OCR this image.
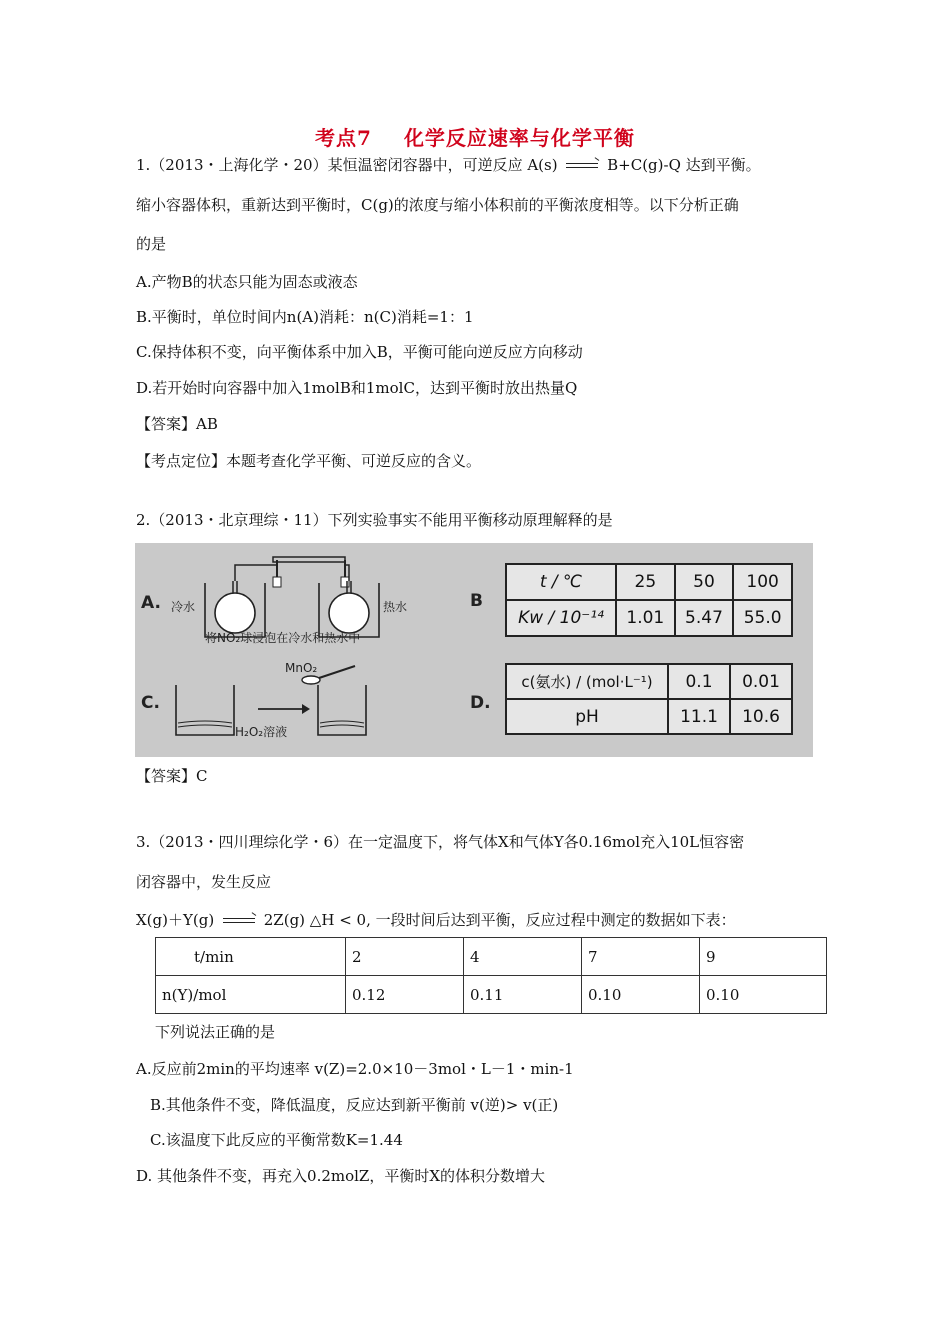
考点7 化学反应速率与化学平衡
1.（2013・上海化学・20）某恒温密闭容器中，可逆反应 A(s) → B+C(g)-Q 达到平衡。
缩小容器体积，重新达到平衡时，C(g)的浓度与缩小体积前的平衡浓度相等。以下分析正确
的是
A.产物B的状态只能为固态或液态
B.平衡时，单位时间内n(A)消耗：n(C)消耗=1：1
C.保持体积不变，向平衡体系中加入B，平衡可能向逆反应方向移动
D.若开始时向容器中加入1molB和1molC，达到平衡时放出热量Q
【答案】AB
【考点定位】本题考查化学平衡、可逆反应的含义。
2.（2013・北京理综・11）下列实验事实不能用平衡移动原理解释的是
A. 冷水	热水
将NO₂球浸泡在冷水和热水中
C.
MnO₂
H₂O₂溶液
B
t / ℃	25	50	100
Kw / 10⁻¹⁴	1.01	5.47	55.0
D.
c(氨水) / (mol·L⁻¹)	0.1	0.01
pH	11.1	10.6
【答案】C
3.（2013・四川理综化学・6）在一定温度下，将气体X和气体Y各0.16mol充入10L恒容密
闭容器中，发生反应
X(g)＋Y(g) → 2Z(g) △H < 0, 一段时间后达到平衡，反应过程中测定的数据如下表：
t/min	2	4	7	9
n(Y)/mol	0.12	0.11	0.10	0.10
下列说法正确的是
A.反应前2min的平均速率 v(Z)=2.0×10－3mol・L－1・min-1
B.其他条件不变，降低温度，反应达到新平衡前 v(逆)> v(正)
C.该温度下此反应的平衡常数K=1.44
D. 其他条件不变，再充入0.2molZ，平衡时X的体积分数增大
